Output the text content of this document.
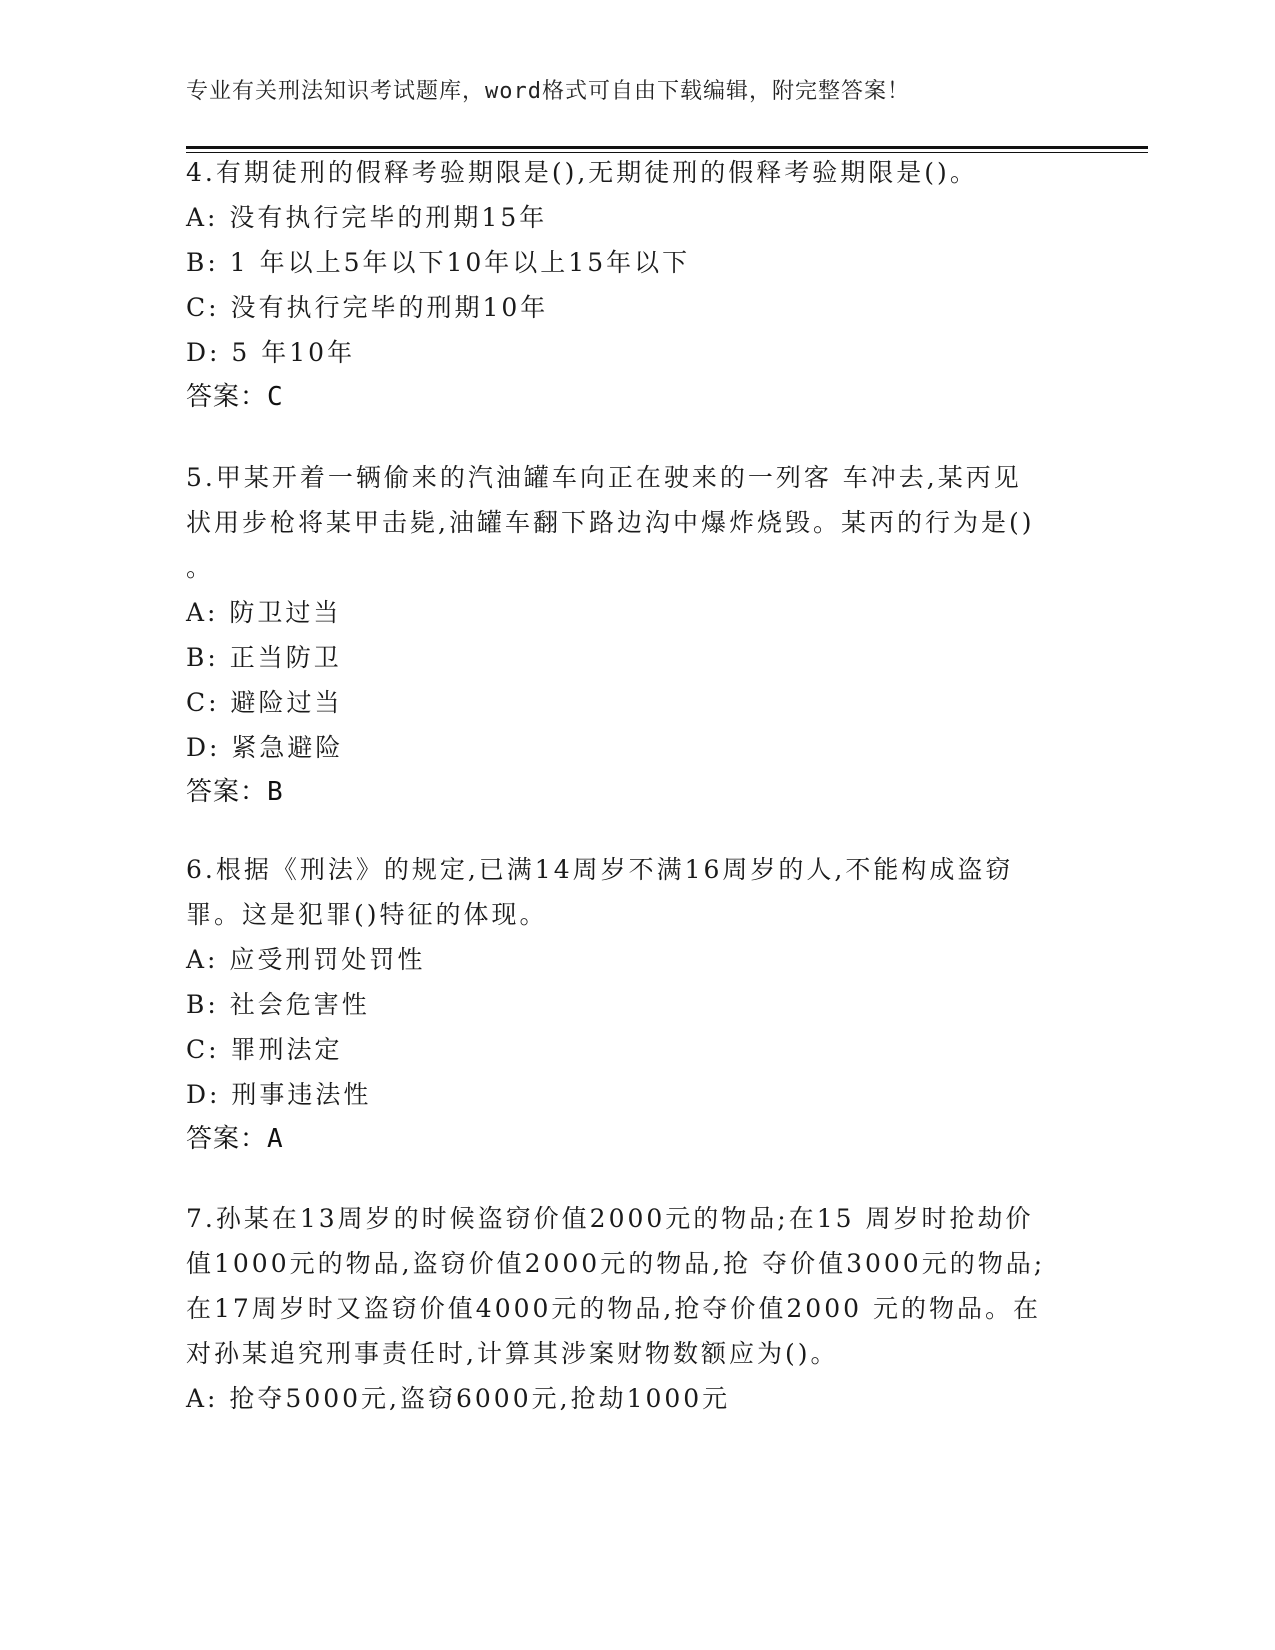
专业有关刑法知识考试题库，word格式可自由下载编辑，附完整答案！
4.有期徒刑的假释考验期限是(),无期徒刑的假释考验期限是()。
A: 没有执行完毕的刑期15年
B: 1 年以上5年以下10年以上15年以下
C: 没有执行完毕的刑期10年
D: 5 年10年
答案：C
5.甲某开着一辆偷来的汽油罐车向正在驶来的一列客 车冲去,某丙见
状用步枪将某甲击毙,油罐车翻下路边沟中爆炸烧毁。某丙的行为是()
。
A: 防卫过当
B: 正当防卫
C: 避险过当
D: 紧急避险
答案：B
6.根据《刑法》的规定,已满14周岁不满16周岁的人,不能构成盗窃
罪。这是犯罪()特征的体现。
A: 应受刑罚处罚性
B: 社会危害性
C: 罪刑法定
D: 刑事违法性
答案：A
7.孙某在13周岁的时候盗窃价值2000元的物品;在15 周岁时抢劫价
值1000元的物品,盗窃价值2000元的物品,抢 夺价值3000元的物品;
在17周岁时又盗窃价值4000元的物品,抢夺价值2000 元的物品。在
对孙某追究刑事责任时,计算其涉案财物数额应为()。
A: 抢夺5000元,盗窃6000元,抢劫1000元
